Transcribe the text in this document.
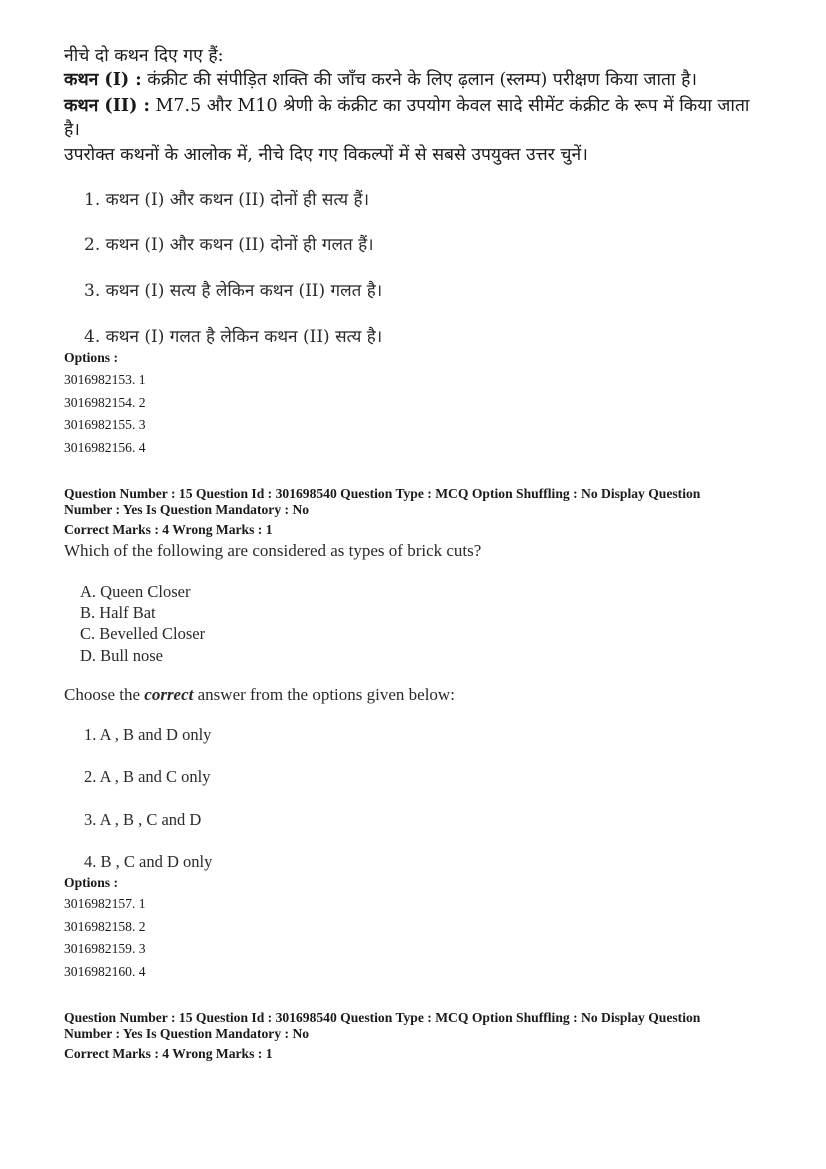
नीचे दो कथन दिए गए हैं:
कथन (I) : कंक्रीट की संपीड़ित शक्ति की जाँच करने के लिए ढ़लान (स्लम्प) परीक्षण किया जाता है।
कथन (II) : M7.5 और M10 श्रेणी के कंक्रीट का उपयोग केवल सादे सीमेंट कंक्रीट के रूप में किया जाता
है।
उपरोक्त कथनों के आलोक में, नीचे दिए गए विकल्पों में से सबसे उपयुक्त उत्तर चुनें।
1. कथन (I) और कथन (II) दोनों ही सत्य हैं।
2. कथन (I) और कथन (II) दोनों ही गलत हैं।
3. कथन (I) सत्य है लेकिन कथन (II) गलत है।
4. कथन (I) गलत है लेकिन कथन (II) सत्य है।
Options :
3016982153. 1
3016982154. 2
3016982155. 3
3016982156. 4
Question Number : 15 Question Id : 301698540 Question Type : MCQ Option Shuffling : No Display Question
Number : Yes Is Question Mandatory : No
Correct Marks : 4 Wrong Marks : 1
Which of the following are considered as types of brick cuts?
A. Queen Closer
B. Half Bat
C. Bevelled Closer
D. Bull nose
Choose the correct answer from the options given below:
1. A , B and D only
2. A , B and C only
3. A , B , C and D
4. B , C and D only
Options :
3016982157. 1
3016982158. 2
3016982159. 3
3016982160. 4
Question Number : 15 Question Id : 301698540 Question Type : MCQ Option Shuffling : No Display Question
Number : Yes Is Question Mandatory : No
Correct Marks : 4 Wrong Marks : 1
